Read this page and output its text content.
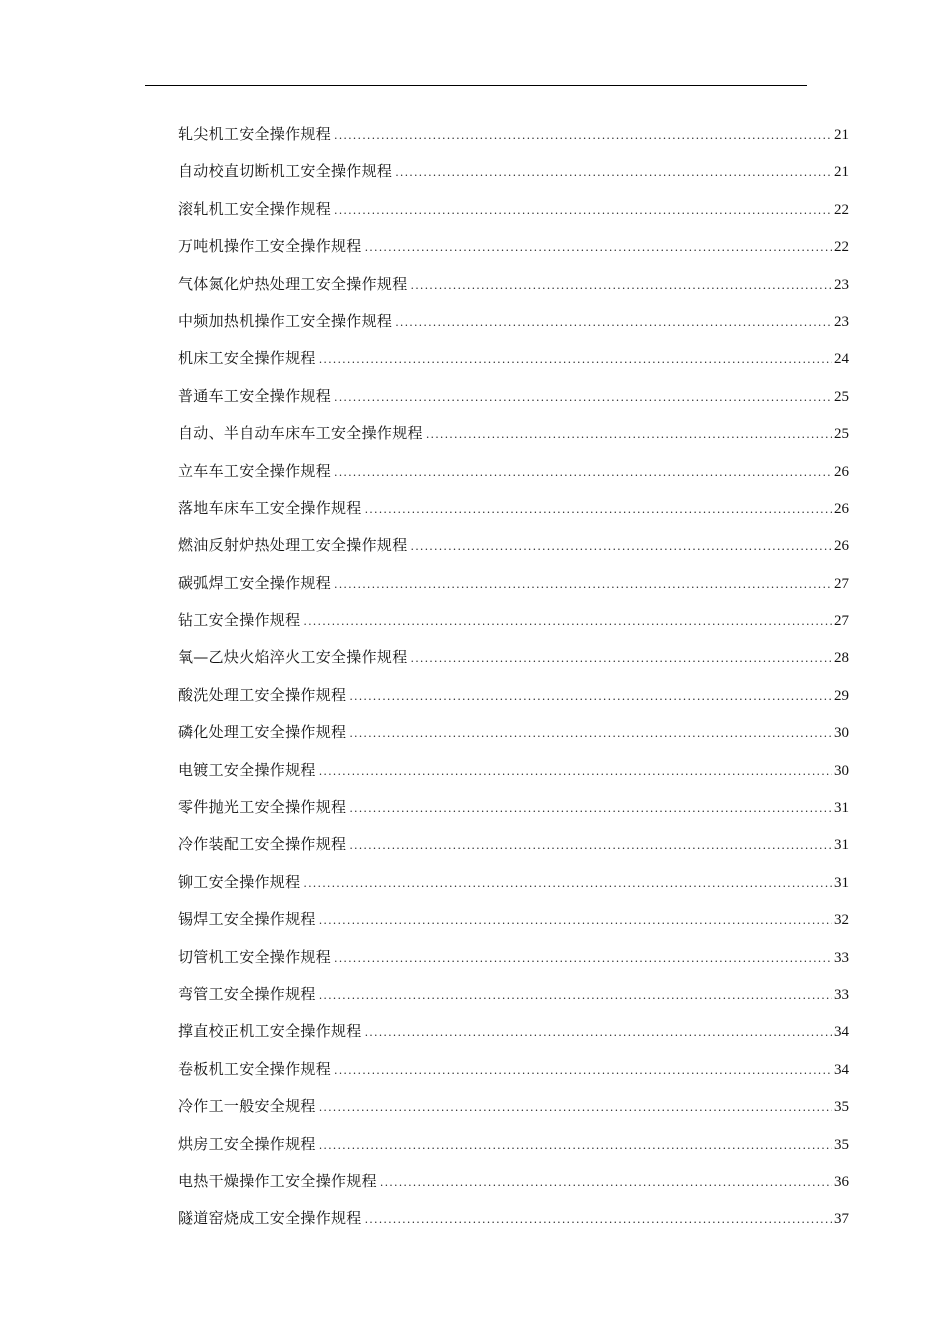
轧尖机工安全操作规程 .....	21
自动校直切断机工安全操作规程 .....	21
滚轧机工安全操作规程 .....	22
万吨机操作工安全操作规程 .....	22
气体氮化炉热处理工安全操作规程 .....	23
中频加热机操作工安全操作规程 .....	23
机床工安全操作规程 .....	24
普通车工安全操作规程 .....	25
自动、半自动车床车工安全操作规程 .....	25
立车车工安全操作规程 .....	26
落地车床车工安全操作规程 .....	26
燃油反射炉热处理工安全操作规程 .....	26
碳弧焊工安全操作规程 .....	27
钻工安全操作规程 .....	27
氧—乙炔火焰淬火工安全操作规程 .....	28
酸洗处理工安全操作规程 .....	29
磷化处理工安全操作规程 .....	30
电镀工安全操作规程 .....	30
零件抛光工安全操作规程 .....	31
冷作装配工安全操作规程 .....	31
铆工安全操作规程 .....	31
锡焊工安全操作规程 .....	32
切管机工安全操作规程 .....	33
弯管工安全操作规程 .....	33
撑直校正机工安全操作规程 .....	34
卷板机工安全操作规程 .....	34
冷作工一般安全规程 .....	35
烘房工安全操作规程 .....	35
电热干燥操作工安全操作规程 .....	36
隧道窑烧成工安全操作规程 .....	37
